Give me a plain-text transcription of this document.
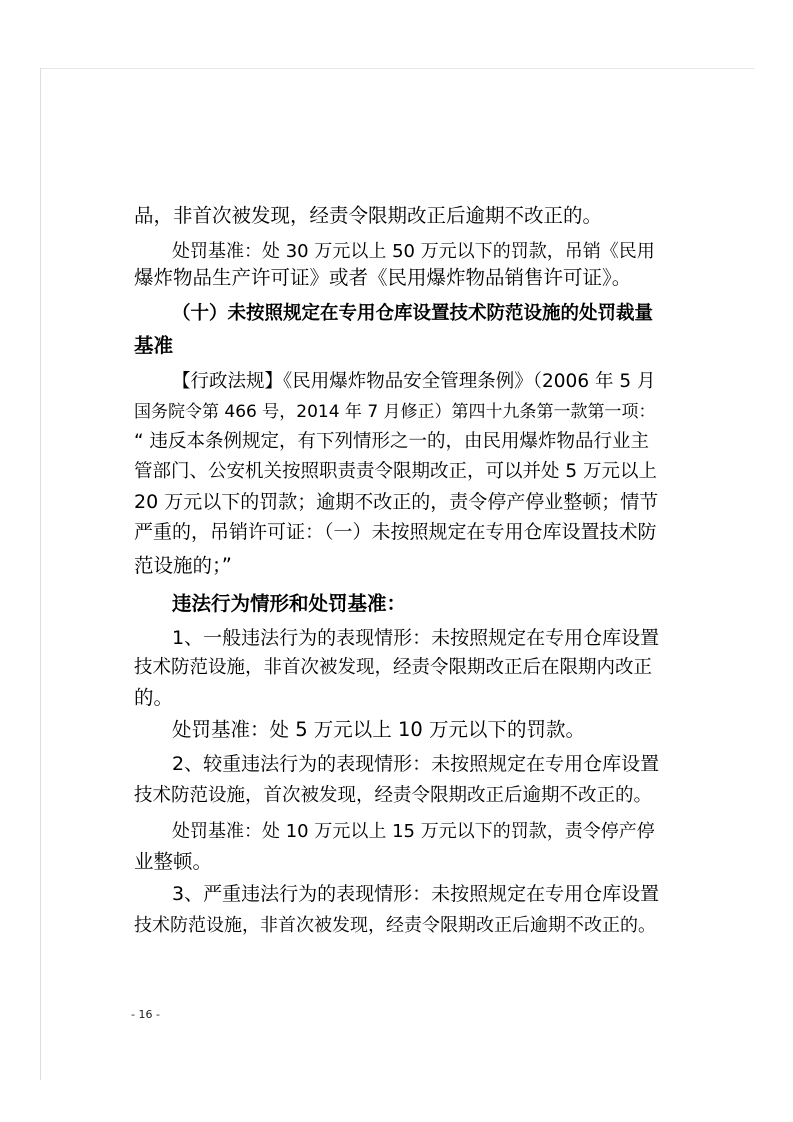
品，非首次被发现，经责令限期改正后逾期不改正的。
处罚基准：处 30 万元以上 50 万元以下的罚款，吊销《民用
爆炸物品生产许可证》或者《民用爆炸物品销售许可证》。
（十）未按照规定在专用仓库设置技术防范设施的处罚裁量
基准
【行政法规】《民用爆炸物品安全管理条例》（2006 年 5 月
国务院令第 466 号，2014 年 7 月修正）第四十九条第一款第一项：
“ 违反本条例规定，有下列情形之一的，由民用爆炸物品行业主
管部门、公安机关按照职责责令限期改正，可以并处 5 万元以上
20 万元以下的罚款；逾期不改正的，责令停产停业整顿；情节
严重的，吊销许可证：（一）未按照规定在专用仓库设置技术防
范设施的；”
违法行为情形和处罚基准：
1、一般违法行为的表现情形：未按照规定在专用仓库设置
技术防范设施，非首次被发现，经责令限期改正后在限期内改正
的。
处罚基准：处 5 万元以上 10 万元以下的罚款。
2、较重违法行为的表现情形：未按照规定在专用仓库设置
技术防范设施，首次被发现，经责令限期改正后逾期不改正的。
处罚基准：处 10 万元以上 15 万元以下的罚款，责令停产停
业整顿。
3、严重违法行为的表现情形：未按照规定在专用仓库设置
技术防范设施，非首次被发现，经责令限期改正后逾期不改正的。
- 16 -
